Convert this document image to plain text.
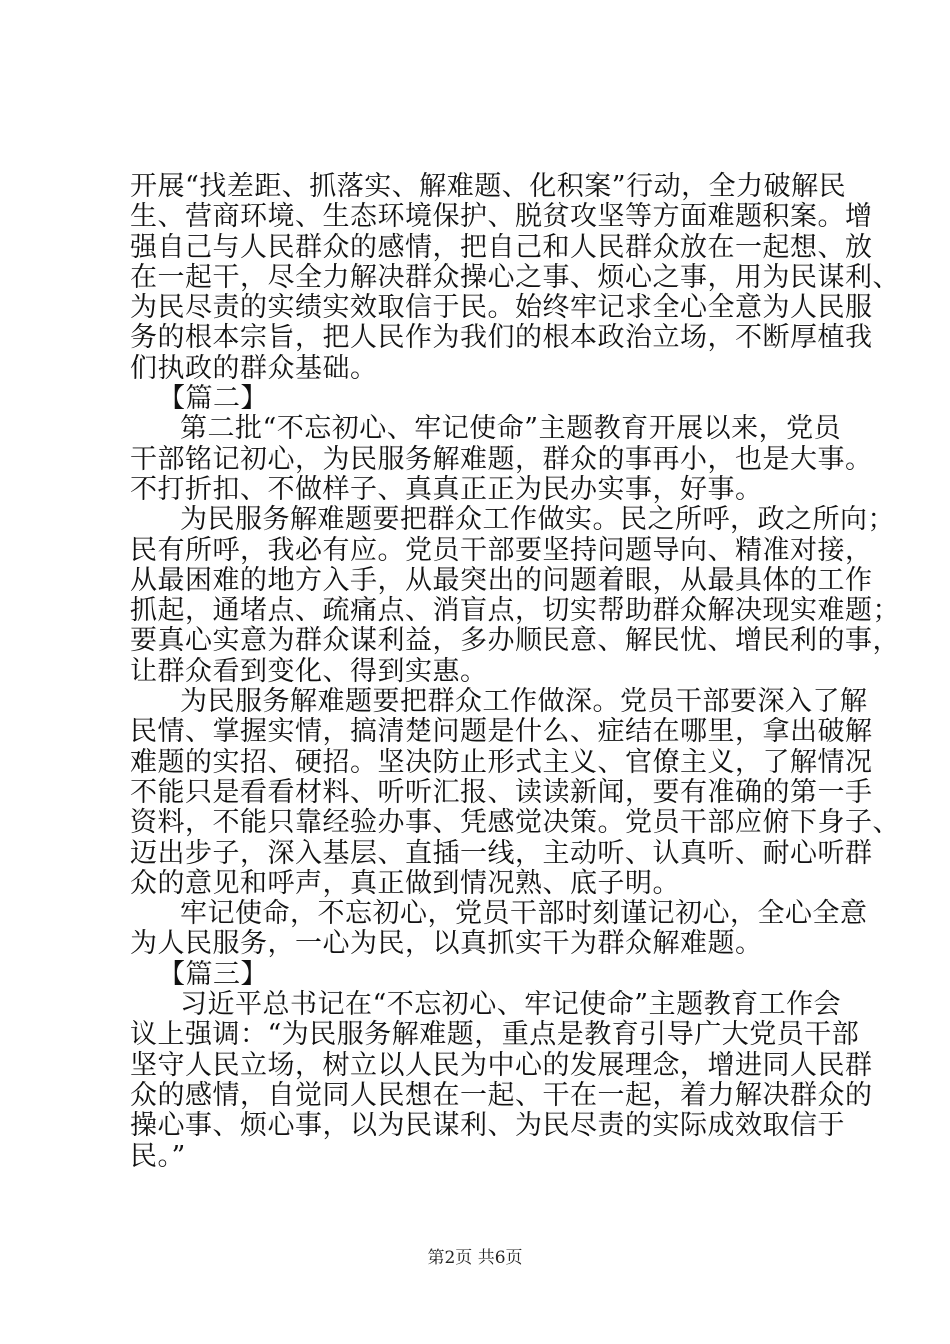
开展“找差距、抓落实、解难题、化积案”行动，全力破解民
生、营商环境、生态环境保护、脱贫攻坚等方面难题积案。增
强自己与人民群众的感情，把自己和人民群众放在一起想、放
在一起干，尽全力解决群众操心之事、烦心之事，用为民谋利、
为民尽责的实绩实效取信于民。始终牢记求全心全意为人民服
务的根本宗旨，把人民作为我们的根本政治立场，不断厚植我
们执政的群众基础。
【篇二】
第二批“不忘初心、牢记使命”主题教育开展以来，党员
干部铭记初心，为民服务解难题，群众的事再小，也是大事。
不打折扣、不做样子、真真正正为民办实事，好事。
为民服务解难题要把群众工作做实。民之所呼，政之所向；
民有所呼，我必有应。党员干部要坚持问题导向、精准对接，
从最困难的地方入手，从最突出的问题着眼，从最具体的工作
抓起，通堵点、疏痛点、消盲点，切实帮助群众解决现实难题；
要真心实意为群众谋利益，多办顺民意、解民忧、增民利的事，
让群众看到变化、得到实惠。
为民服务解难题要把群众工作做深。党员干部要深入了解
民情、掌握实情，搞清楚问题是什么、症结在哪里，拿出破解
难题的实招、硬招。坚决防止形式主义、官僚主义，了解情况
不能只是看看材料、听听汇报、读读新闻，要有准确的第一手
资料，不能只靠经验办事、凭感觉决策。党员干部应俯下身子、
迈出步子，深入基层、直插一线，主动听、认真听、耐心听群
众的意见和呼声，真正做到情况熟、底子明。
牢记使命，不忘初心，党员干部时刻谨记初心，全心全意
为人民服务，一心为民，以真抓实干为群众解难题。
【篇三】
习近平总书记在“不忘初心、牢记使命”主题教育工作会
议上强调：“为民服务解难题，重点是教育引导广大党员干部
坚守人民立场，树立以人民为中心的发展理念，增进同人民群
众的感情，自觉同人民想在一起、干在一起，着力解决群众的
操心事、烦心事，以为民谋利、为民尽责的实际成效取信于
民。”
第2页 共6页
